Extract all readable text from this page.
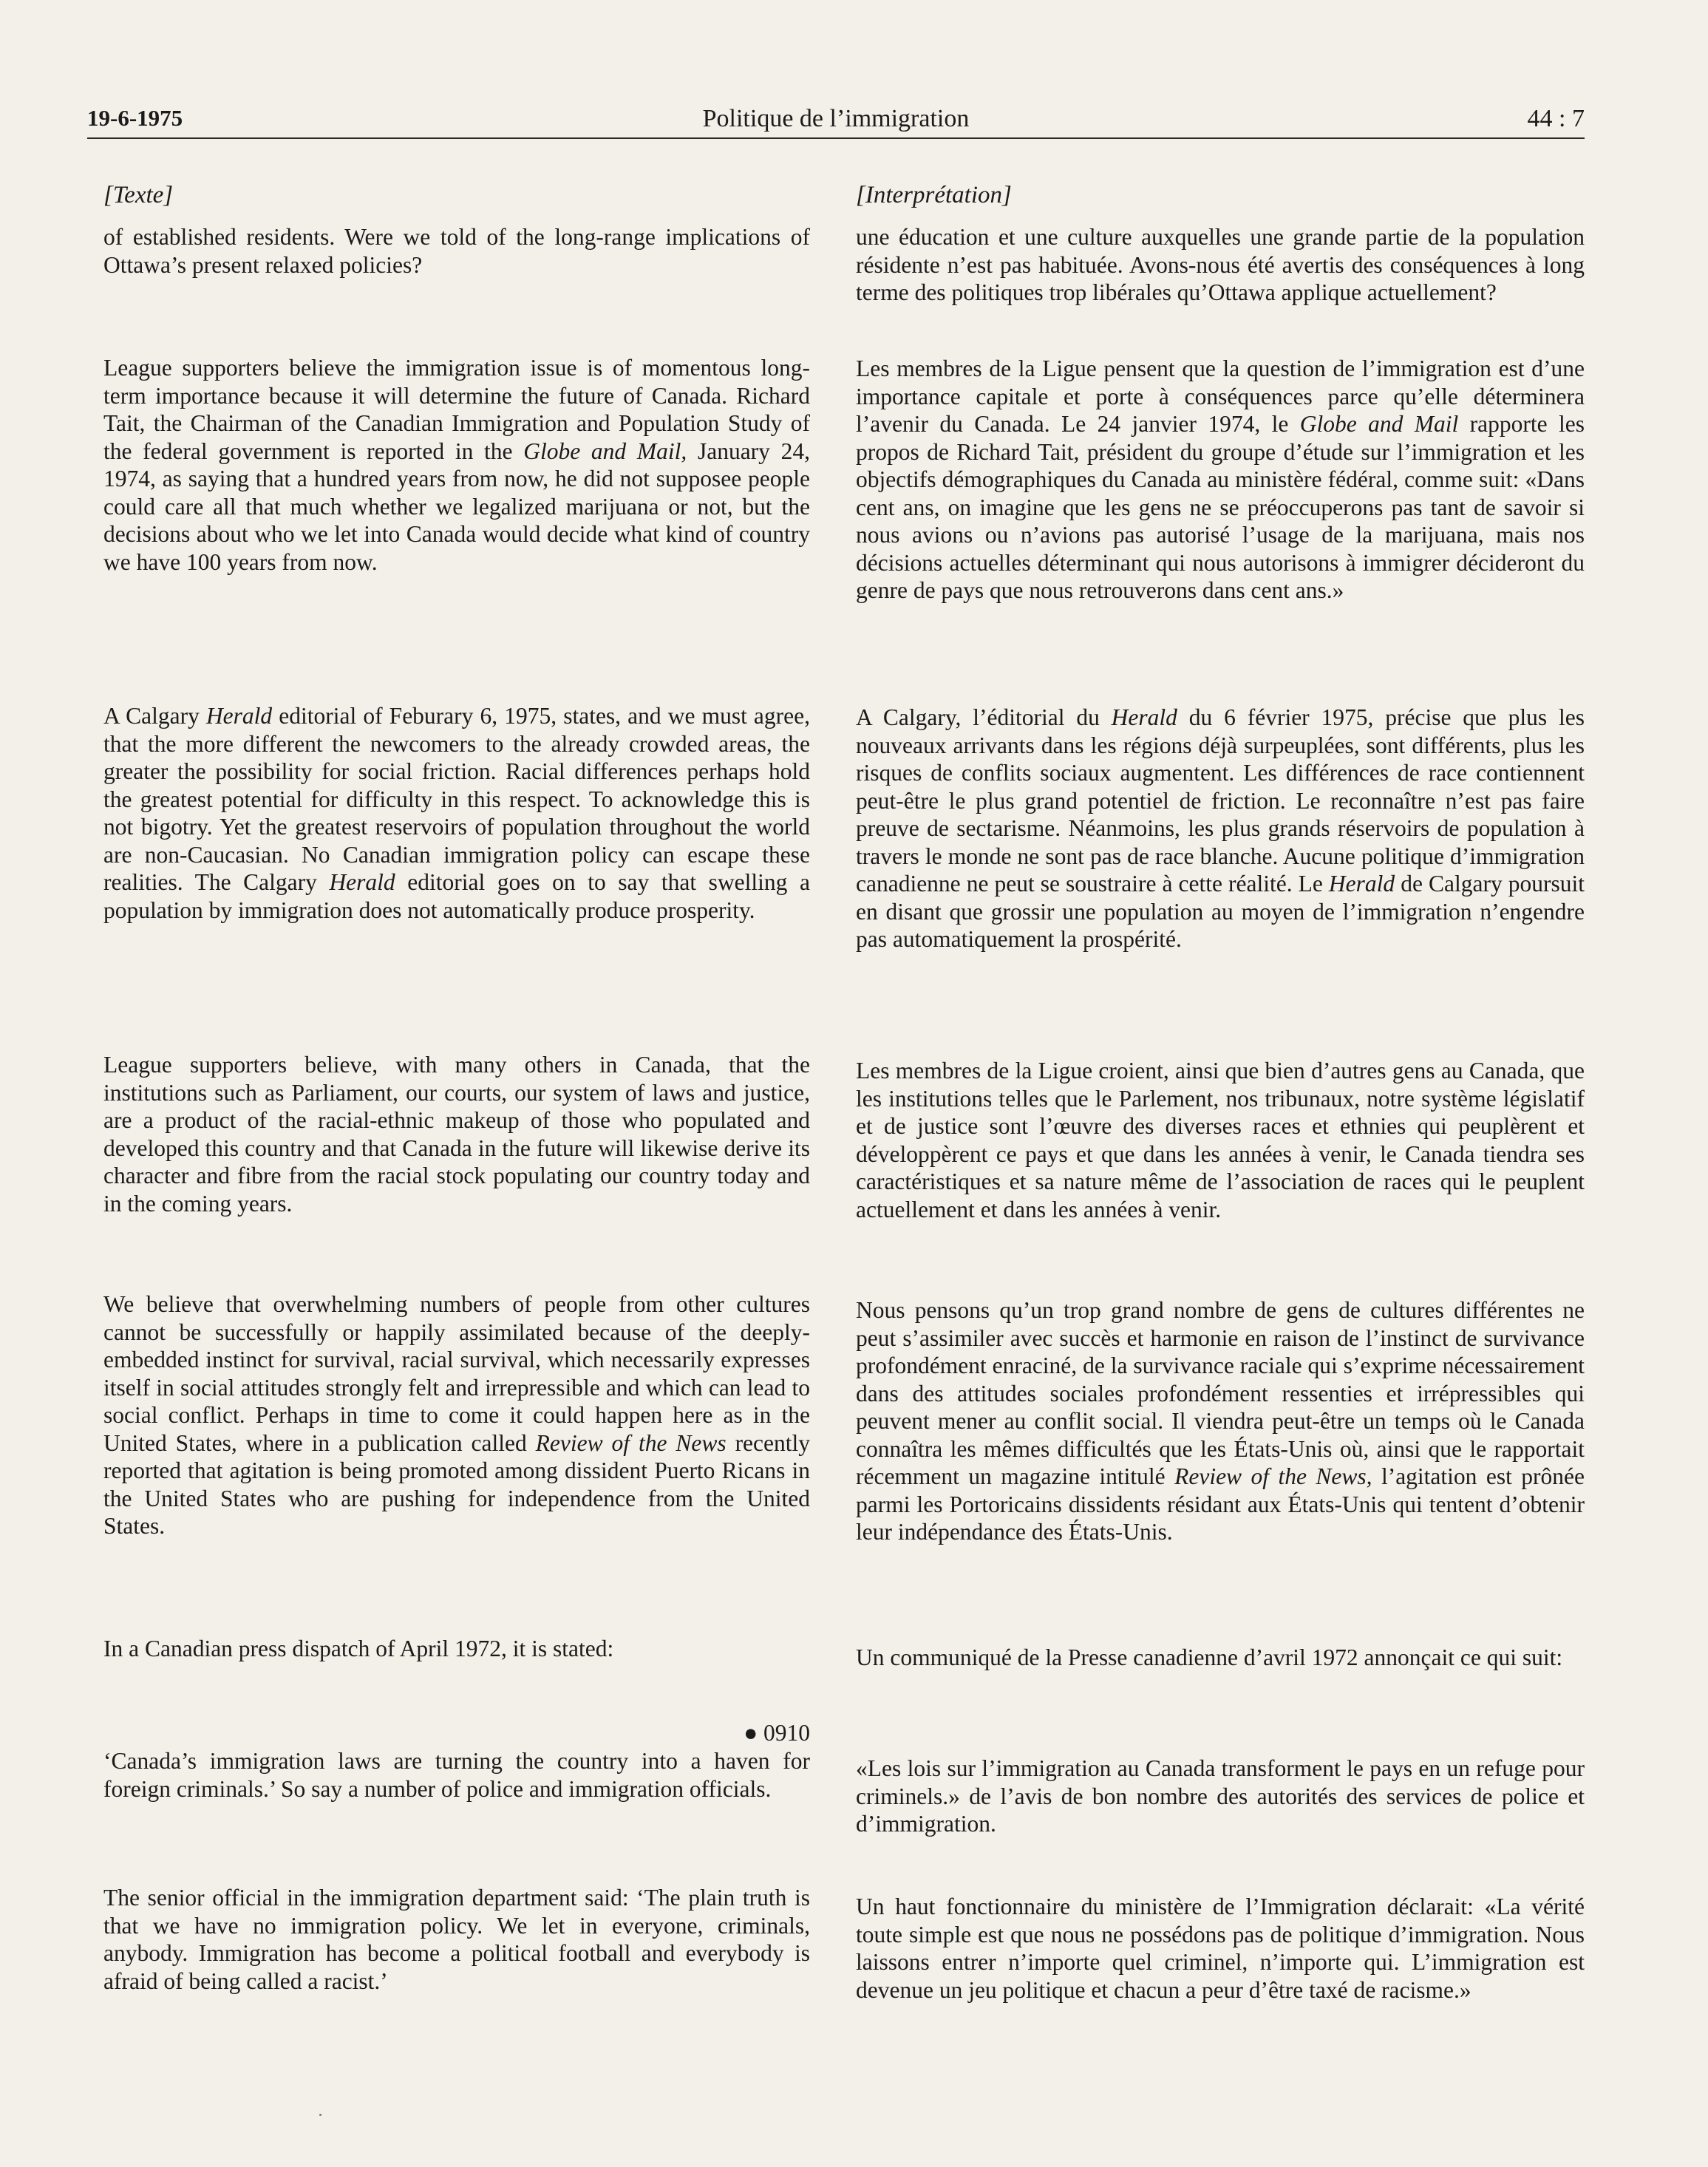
19-6-1975	Politique de l’immigration	44 : 7

[Texte]

of established residents. Were we told of the long-range implications of Ottawa’s present relaxed policies?

League supporters believe the immigration issue is of momentous long-term importance because it will determine the future of Canada. Richard Tait, the Chairman of the Canadian Immigration and Population Study of the federal government is reported in the Globe and Mail, January 24, 1974, as saying that a hundred years from now, he did not supposee people could care all that much whether we legalized marijuana or not, but the decisions about who we let into Canada would decide what kind of country we have 100 years from now.

A Calgary Herald editorial of Feburary 6, 1975, states, and we must agree, that the more different the newcomers to the already crowded areas, the greater the possibility for social friction. Racial differences perhaps hold the greatest potential for difficulty in this respect. To acknowledge this is not bigotry. Yet the greatest reservoirs of population throughout the world are non-Caucasian. No Canadian immigration policy can escape these realities. The Calgary Herald editorial goes on to say that swelling a population by immigration does not automatically produce prosperity.

League supporters believe, with many others in Canada, that the institutions such as Parliament, our courts, our system of laws and justice, are a product of the racial-ethnic makeup of those who populated and developed this country and that Canada in the future will likewise derive its character and fibre from the racial stock populating our country today and in the coming years.

We believe that overwhelming numbers of people from other cultures cannot be successfully or happily assimilated because of the deeply-embedded instinct for survival, racial survival, which necessarily expresses itself in social attitudes strongly felt and irrepressible and which can lead to social conflict. Perhaps in time to come it could happen here as in the United States, where in a publication called Review of the News recently reported that agitation is being promoted among dissident Puerto Ricans in the United States who are pushing for independence from the United States.

In a Canadian press dispatch of April 1972, it is stated:

● 0910

‘Canada’s immigration laws are turning the country into a haven for foreign criminals.’ So say a number of police and immigration officials.

The senior official in the immigration department said: ‘The plain truth is that we have no immigration policy. We let in everyone, criminals, anybody. Immigration has become a political football and everybody is afraid of being called a racist.’

[Interprétation]

une éducation et une culture auxquelles une grande partie de la population résidente n’est pas habituée. Avons-nous été avertis des conséquences à long terme des politiques trop libérales qu’Ottawa applique actuellement?

Les membres de la Ligue pensent que la question de l’immigration est d’une importance capitale et porte à conséquences parce qu’elle déterminera l’avenir du Canada. Le 24 janvier 1974, le Globe and Mail rapporte les propos de Richard Tait, président du groupe d’étude sur l’immigration et les objectifs démographiques du Canada au ministère fédéral, comme suit: «Dans cent ans, on imagine que les gens ne se préoccuperons pas tant de savoir si nous avions ou n’avions pas autorisé l’usage de la marijuana, mais nos décisions actuelles déterminant qui nous autorisons à immigrer décideront du genre de pays que nous retrouverons dans cent ans.»

A Calgary, l’éditorial du Herald du 6 février 1975, précise que plus les nouveaux arrivants dans les régions déjà surpeuplées, sont différents, plus les risques de conflits sociaux augmentent. Les différences de race contiennent peut-être le plus grand potentiel de friction. Le reconnaître n’est pas faire preuve de sectarisme. Néanmoins, les plus grands réservoirs de population à travers le monde ne sont pas de race blanche. Aucune politique d’immigration canadienne ne peut se soustraire à cette réalité. Le Herald de Calgary poursuit en disant que grossir une population au moyen de l’immigration n’engendre pas automatiquement la prospérité.

Les membres de la Ligue croient, ainsi que bien d’autres gens au Canada, que les institutions telles que le Parlement, nos tribunaux, notre système législatif et de justice sont l’œuvre des diverses races et ethnies qui peuplèrent et développèrent ce pays et que dans les années à venir, le Canada tiendra ses caractéristiques et sa nature même de l’association de races qui le peuplent actuellement et dans les années à venir.

Nous pensons qu’un trop grand nombre de gens de cultures différentes ne peut s’assimiler avec succès et harmonie en raison de l’instinct de survivance profondément enraciné, de la survivance raciale qui s’exprime nécessairement dans des attitudes sociales profondément ressenties et irrépressibles qui peuvent mener au conflit social. Il viendra peut-être un temps où le Canada connaîtra les mêmes difficultés que les États-Unis où, ainsi que le rapportait récemment un magazine intitulé Review of the News, l’agitation est prônée parmi les Portoricains dissidents résidant aux États-Unis qui tentent d’obtenir leur indépendance des États-Unis.

Un communiqué de la Presse canadienne d’avril 1972 annonçait ce qui suit:

«Les lois sur l’immigration au Canada transforment le pays en un refuge pour criminels.» de l’avis de bon nombre des autorités des services de police et d’immigration.

Un haut fonctionnaire du ministère de l’Immigration déclarait: «La vérité toute simple est que nous ne possédons pas de politique d’immigration. Nous laissons entrer n’importe quel criminel, n’importe qui. L’immigration est devenue un jeu politique et chacun a peur d’être taxé de racisme.»
